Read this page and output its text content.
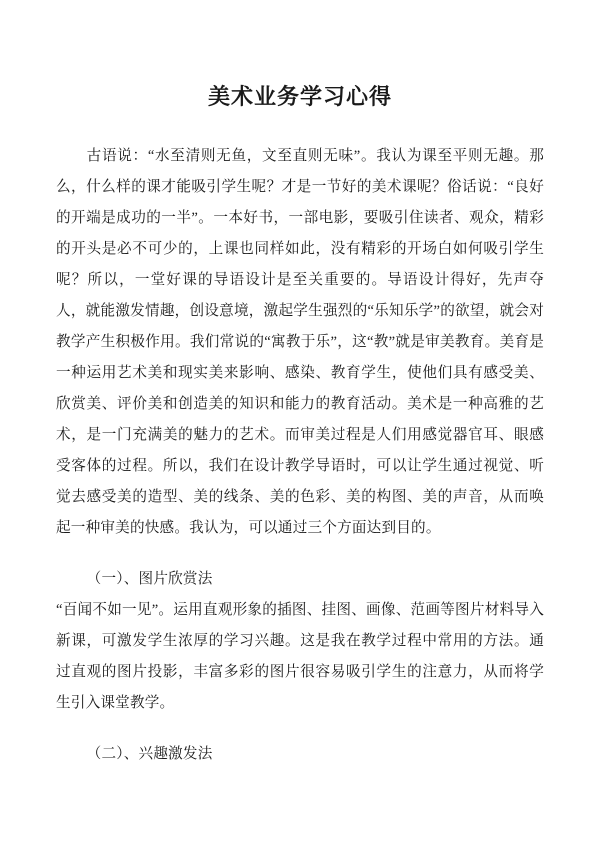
美术业务学习心得

古语说：“水至清则无鱼，文至直则无味”。我认为课至平则无趣。那么，什么样的课才能吸引学生呢？才是一节好的美术课呢？俗话说：“良好的开端是成功的一半”。一本好书，一部电影，要吸引住读者、观众，精彩的开头是必不可少的，上课也同样如此，没有精彩的开场白如何吸引学生呢？所以，一堂好课的导语设计是至关重要的。导语设计得好，先声夺人，就能激发情趣，创设意境，激起学生强烈的“乐知乐学”的欲望，就会对教学产生积极作用。我们常说的“寓教于乐”，这“教”就是审美教育。美育是一种运用艺术美和现实美来影响、感染、教育学生，使他们具有感受美、欣赏美、评价美和创造美的知识和能力的教育活动。美术是一种高雅的艺术，是一门充满美的魅力的艺术。而审美过程是人们用感觉器官耳、眼感受客体的过程。所以，我们在设计教学导语时，可以让学生通过视觉、听觉去感受美的造型、美的线条、美的色彩、美的构图、美的声音，从而唤起一种审美的快感。我认为，可以通过三个方面达到目的。

（一）、图片欣赏法

“百闻不如一见”。运用直观形象的插图、挂图、画像、范画等图片材料导入新课，可激发学生浓厚的学习兴趣。这是我在教学过程中常用的方法。通过直观的图片投影，丰富多彩的图片很容易吸引学生的注意力，从而将学生引入课堂教学。

（二）、兴趣激发法
